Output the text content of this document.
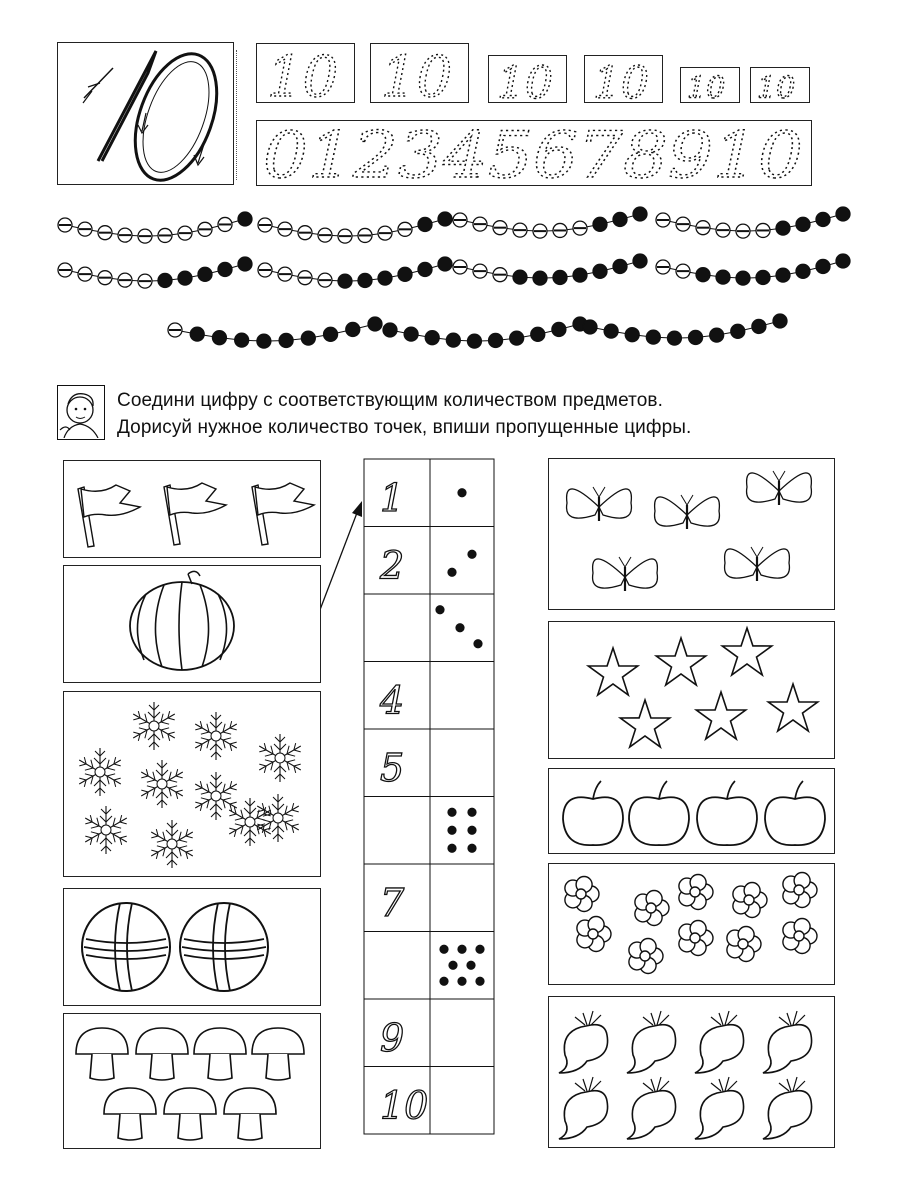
10 10 10 10 10 10
012345678910
Соедини цифру с соответствующим количеством предметов.
Дорисуй нужное количество точек, впиши пропущенные цифры.
1
2
4
5
7
9
10
